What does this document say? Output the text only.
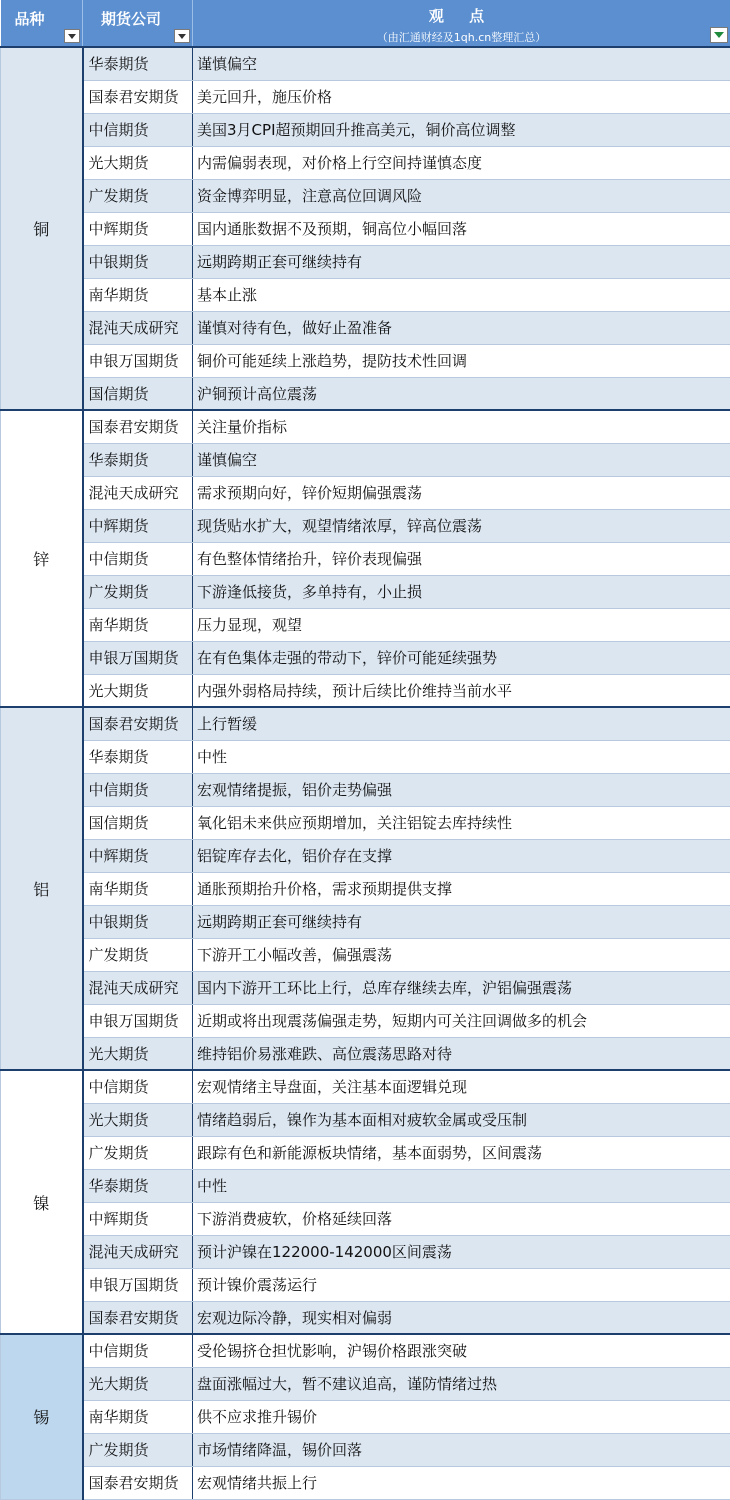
品种	期货公司	观 点
（由汇通财经及1qh.cn整理汇总）

铜	华泰期货	谨慎偏空
	国泰君安期货	美元回升，施压价格
	中信期货	美国3月CPI超预期回升推高美元，铜价高位调整
	光大期货	内需偏弱表现，对价格上行空间持谨慎态度
	广发期货	资金博弈明显，注意高位回调风险
	中辉期货	国内通胀数据不及预期，铜高位小幅回落
	中银期货	远期跨期正套可继续持有
	南华期货	基本止涨
	混沌天成研究	谨慎对待有色，做好止盈准备
	申银万国期货	铜价可能延续上涨趋势，提防技术性回调
	国信期货	沪铜预计高位震荡
锌	国泰君安期货	关注量价指标
	华泰期货	谨慎偏空
	混沌天成研究	需求预期向好，锌价短期偏强震荡
	中辉期货	现货贴水扩大，观望情绪浓厚，锌高位震荡
	中信期货	有色整体情绪抬升，锌价表现偏强
	广发期货	下游逢低接货，多单持有，小止损
	南华期货	压力显现，观望
	申银万国期货	在有色集体走强的带动下，锌价可能延续强势
	光大期货	内强外弱格局持续，预计后续比价维持当前水平
铝	国泰君安期货	上行暂缓
	华泰期货	中性
	中信期货	宏观情绪提振，铝价走势偏强
	国信期货	氧化铝未来供应预期增加，关注铝锭去库持续性
	中辉期货	铝锭库存去化，铝价存在支撑
	南华期货	通胀预期抬升价格，需求预期提供支撑
	中银期货	远期跨期正套可继续持有
	广发期货	下游开工小幅改善，偏强震荡
	混沌天成研究	国内下游开工环比上行，总库存继续去库，沪铝偏强震荡
	申银万国期货	近期或将出现震荡偏强走势，短期内可关注回调做多的机会
	光大期货	维持铝价易涨难跌、高位震荡思路对待
镍	中信期货	宏观情绪主导盘面，关注基本面逻辑兑现
	光大期货	情绪趋弱后，镍作为基本面相对疲软金属或受压制
	广发期货	跟踪有色和新能源板块情绪，基本面弱势，区间震荡
	华泰期货	中性
	中辉期货	下游消费疲软，价格延续回落
	混沌天成研究	预计沪镍在122000-142000区间震荡
	申银万国期货	预计镍价震荡运行
	国泰君安期货	宏观边际冷静，现实相对偏弱
锡	中信期货	受伦锡挤仓担忧影响，沪锡价格跟涨突破
	光大期货	盘面涨幅过大，暂不建议追高，谨防情绪过热
	南华期货	供不应求推升锡价
	广发期货	市场情绪降温，锡价回落
	国泰君安期货	宏观情绪共振上行
